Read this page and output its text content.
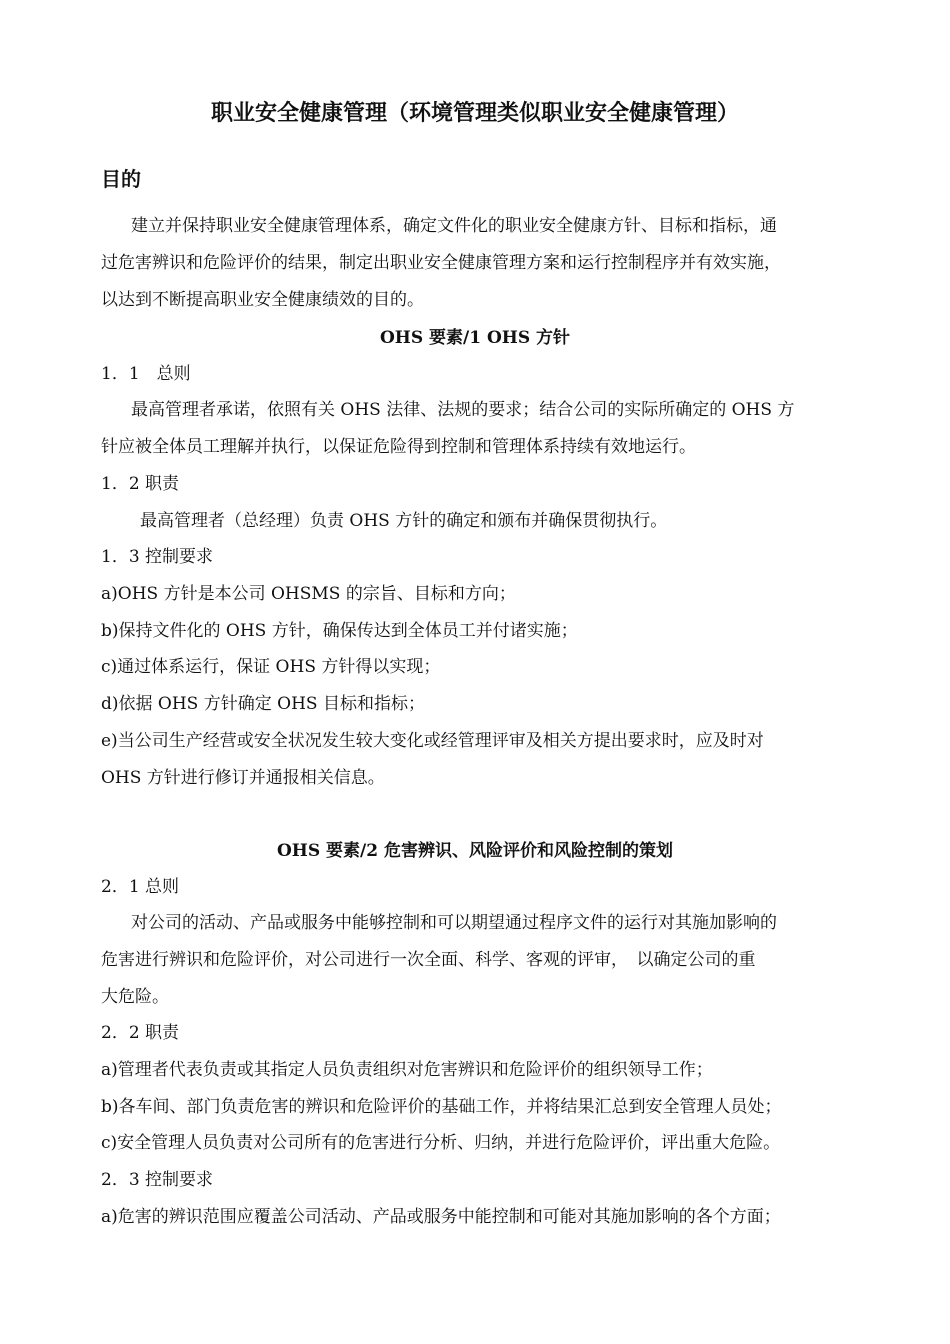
职业安全健康管理（环境管理类似职业安全健康管理）
目的
建立并保持职业安全健康管理体系，确定文件化的职业安全健康方针、目标和指标，通
过危害辨识和危险评价的结果，制定出职业安全健康管理方案和运行控制程序并有效实施，
以达到不断提高职业安全健康绩效的目的。
OHS 要素/1 OHS 方针
1．1　总则
最高管理者承诺，依照有关 OHS 法律、法规的要求；结合公司的实际所确定的 OHS 方
针应被全体员工理解并执行，以保证危险得到控制和管理体系持续有效地运行。
1．2 职责
最高管理者（总经理）负责 OHS 方针的确定和颁布并确保贯彻执行。
1．3 控制要求
a)OHS 方针是本公司 OHSMS 的宗旨、目标和方向；
b)保持文件化的 OHS 方针，确保传达到全体员工并付诸实施；
c)通过体系运行，保证 OHS 方针得以实现；
d)依据 OHS 方针确定 OHS 目标和指标；
e)当公司生产经营或安全状况发生较大变化或经管理评审及相关方提出要求时，应及时对
OHS 方针进行修订并通报相关信息。
OHS 要素/2 危害辨识、风险评价和风险控制的策划
2．1 总则
对公司的活动、产品或服务中能够控制和可以期望通过程序文件的运行对其施加影响的
危害进行辨识和危险评价，对公司进行一次全面、科学、客观的评审，　以确定公司的重
大危险。
2．2 职责
a)管理者代表负责或其指定人员负责组织对危害辨识和危险评价的组织领导工作；
b)各车间、部门负责危害的辨识和危险评价的基础工作，并将结果汇总到安全管理人员处；
c)安全管理人员负责对公司所有的危害进行分析、归纳，并进行危险评价，评出重大危险。
2．3 控制要求
a)危害的辨识范围应覆盖公司活动、产品或服务中能控制和可能对其施加影响的各个方面；
